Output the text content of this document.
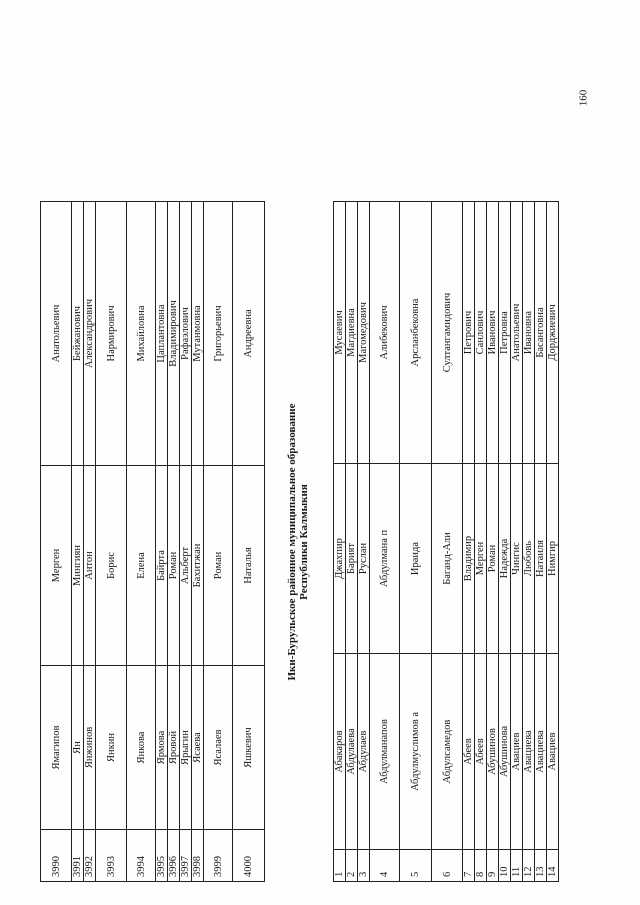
160
3990	Ямагипов	Мерген	Анатольевич
3991	Ян	Мингиян	Бейжанович
3992	Янжинов	Антон	Александрович
3993	Янкин	Борис	Нармирович
3994	Янкова	Елена	Михайловна
3995	Ярмова	Байрта	Цаплантовна
3996	Яровой	Роман	Владимирович
3997	Ярыгин	Альберт	Рафаэлович
3998	Ясаева	Бахитжан	Мутанмовна
3999	Ясалаев	Роман	Григорьевич
4000	Яшкевич	Наталья	Андреевна
Ики-Бурульское районное муниципальное образование Республики Калмыкия
1	Абакаров	Джахпир	Мусаевич
2	Абдулаева	Барият	Магдиевна
3	Абдулаев	Руслан	Магомедович
4	Абдулманапов	Абдулмана п	Алибекович
5	Абдулмуслимов а	Ираида	Арсланбековна
6	Абдулсамедов	Баганд-Али	Султангамидович
7	Абеев	Владимир	Петрович
8	Абеев	Мерген	Санлович
9	Абушинов	Роман	Иванович
10	Абушинова	Надежда	Петровна
11	Авациев	Чингис	Анатольевич
12	Авациева	Любовь	Ивановна
13	Авациева	Натаиля	Басанговна
14	Авациев	Нимгир	Дорджиевич
